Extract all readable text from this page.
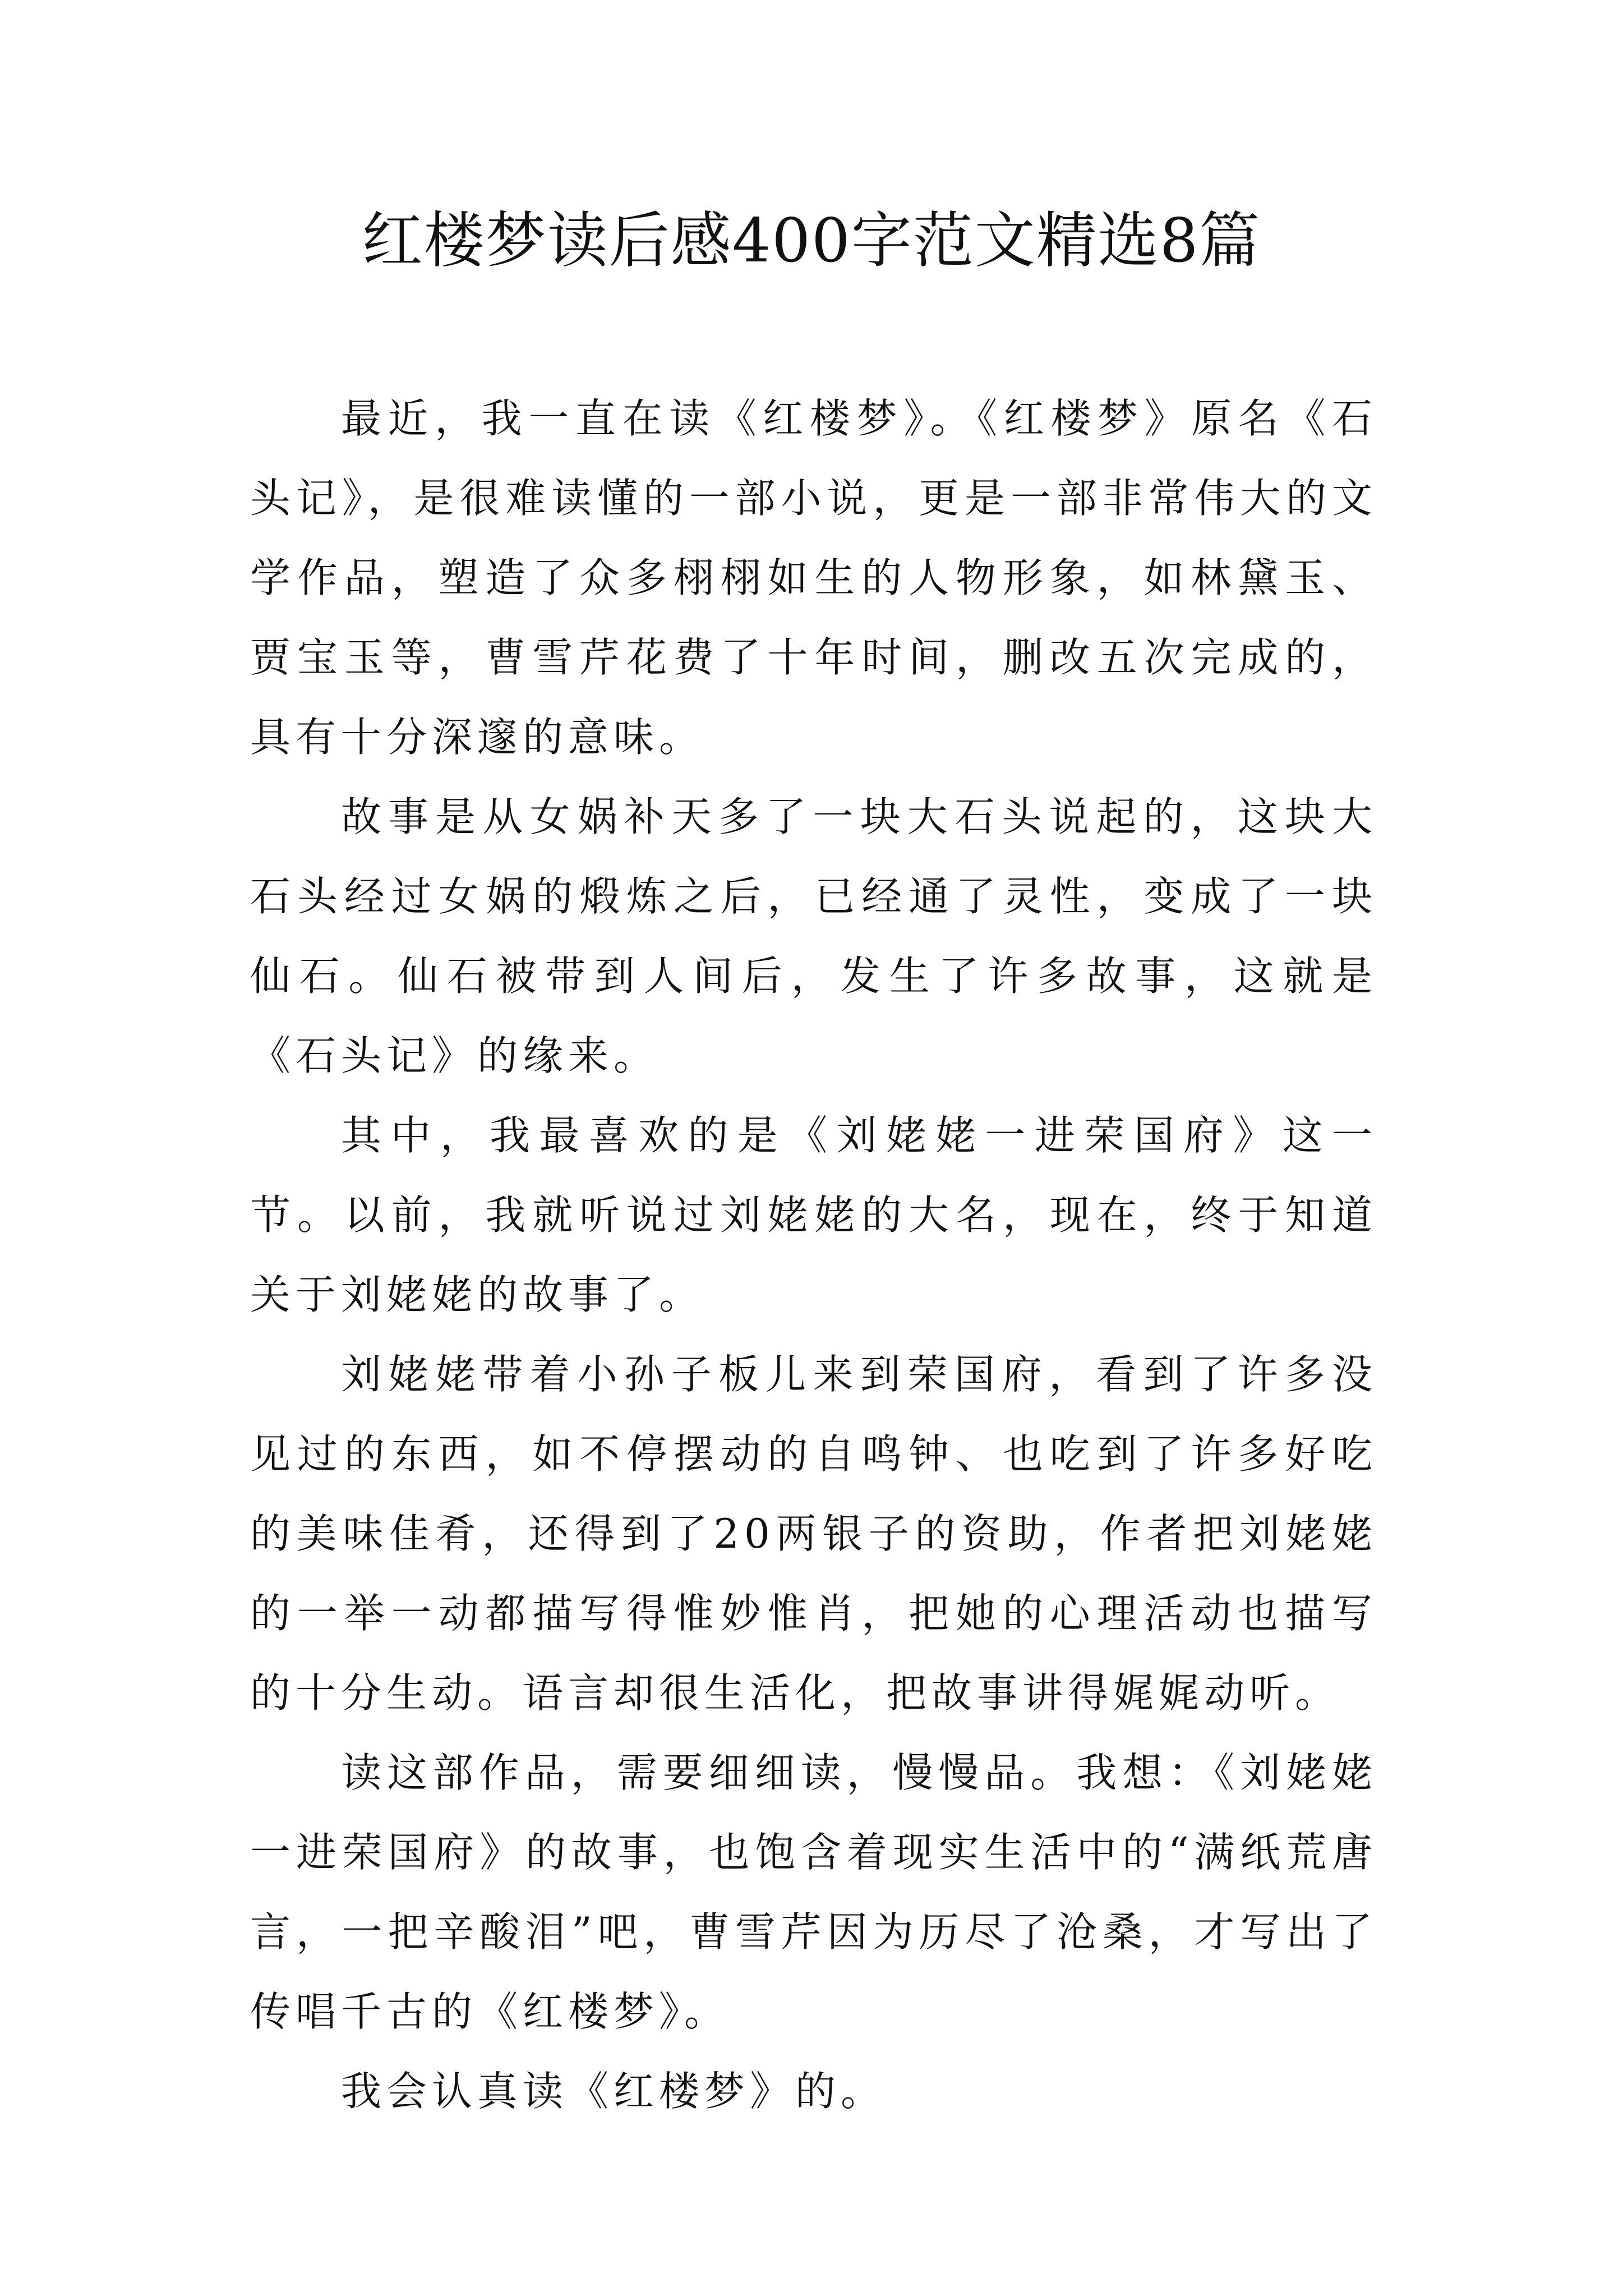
红楼梦读后感400字范文精选8篇

最近，我一直在读《红楼梦》。《红楼梦》原名《石头记》，是很难读懂的一部小说，更是一部非常伟大的文学作品，塑造了众多栩栩如生的人物形象，如林黛玉、贾宝玉等，曹雪芹花费了十年时间，删改五次完成的，具有十分深邃的意味。

故事是从女娲补天多了一块大石头说起的，这块大石头经过女娲的煅炼之后，已经通了灵性，变成了一块仙石。仙石被带到人间后，发生了许多故事，这就是《石头记》的缘来。

其中，我最喜欢的是《刘姥姥一进荣国府》这一节。以前，我就听说过刘姥姥的大名，现在，终于知道关于刘姥姥的故事了。

刘姥姥带着小孙子板儿来到荣国府，看到了许多没见过的东西，如不停摆动的自鸣钟、也吃到了许多好吃的美味佳肴，还得到了20两银子的资助，作者把刘姥姥的一举一动都描写得惟妙惟肖，把她的心理活动也描写的十分生动。语言却很生活化，把故事讲得娓娓动听。

读这部作品，需要细细读，慢慢品。我想：《刘姥姥一进荣国府》的故事，也饱含着现实生活中的“满纸荒唐言，一把辛酸泪”吧，曹雪芹因为历尽了沧桑，才写出了传唱千古的《红楼梦》。

我会认真读《红楼梦》的。
